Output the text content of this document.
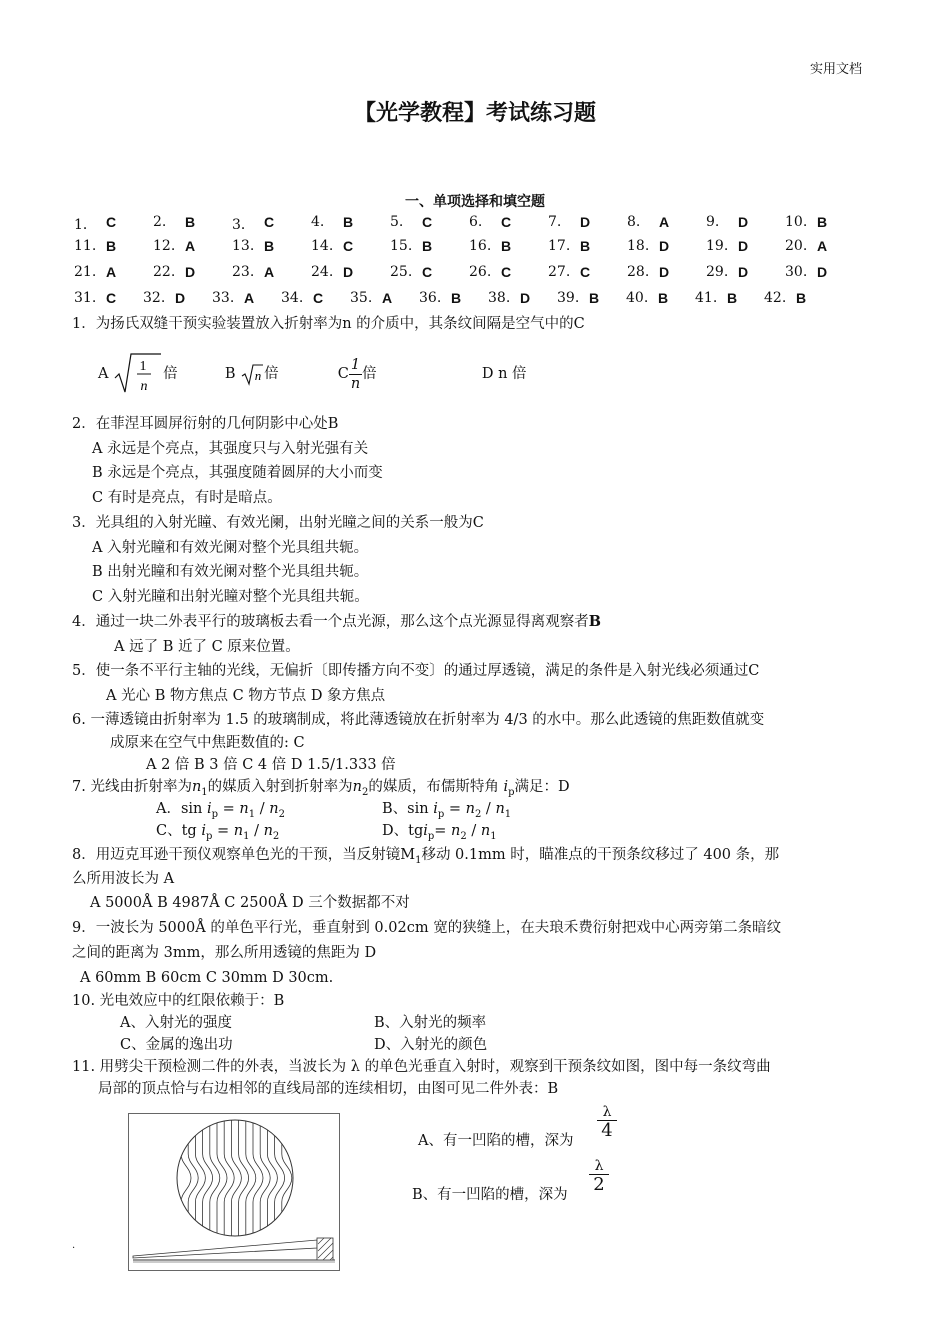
实用文档
【光学教程】考试练习题
一、单项选择和填空题
1． C	2. B	3． C	4. B	5. C	6. C	7. D	8. A	9. D	10. B
11. B	12. A	13. B	14. C	15. B	16. B	17. B	18. D	19. D	20. A
21. A	22. D	23. A	24. D	25. C	26. C	27. C	28. D	29. D	30. D
31. C 32. D 33. A 34. C 35. A 36. B 38. D 39. B 40. B 41. B 42. B
1．为扬氏双缝干预实验装置放入折射率为n 的介质中，其条纹间隔是空气中的C
A 1
n
倍	B n 倍	C $\frac{1}{n}$ 倍	D n 倍
2．在菲涅耳圆屏衍射的几何阴影中心处B
A 永远是个亮点，其强度只与入射光强有关
B 永远是个亮点，其强度随着圆屏的大小而变
C 有时是亮点，有时是暗点。
3．光具组的入射光瞳、有效光阑，出射光瞳之间的关系一般为C
A 入射光瞳和有效光阑对整个光具组共轭。
B 出射光瞳和有效光阑对整个光具组共轭。
C 入射光瞳和出射光瞳对整个光具组共轭。
4．通过一块二外表平行的玻璃板去看一个点光源，那么这个点光源显得离观察者B
A 远了 B 近了 C 原来位置。
5．使一条不平行主轴的光线，无偏折〔即传播方向不变〕的通过厚透镜，满足的条件是入射光线必须通过C
A 光心 B 物方焦点 C 物方节点 D 象方焦点
6. 一薄透镜由折射率为 1.5 的玻璃制成，将此薄透镜放在折射率为 4/3 的水中。那么此透镜的焦距数值就变
成原来在空气中焦距数值的: C
A 2 倍 B 3 倍 C 4 倍 D 1.5/1.333 倍
7. 光线由折射率为$n_1$的媒质入射到折射率为$n_2$的媒质，布儒斯特角 $i_p$满足：D
A．$\sin i_p = n_1 / n_2$	B、$\sin i_p = n_2 / n_1$
C、tg $i_p = n_1 / n_2$	D、$tgi_p= n_2 / n_1$
8．用迈克耳逊干预仪观察单色光的干预，当反射镜$M_1$移动 0.1mm 时，瞄准点的干预条纹移过了 400 条，那
么所用波长为 A
A 5000Å B 4987Å C 2500Å D 三个数据都不对
9．一波长为 5000Å 的单色平行光，垂直射到 0.02cm 宽的狭缝上，在夫琅禾费衍射把戏中心两旁第二条暗纹
之间的距离为 3mm，那么所用透镜的焦距为 D
A 60mm B 60cm C 30mm D 30cm.
10. 光电效应中的红限依赖于：B
A、入射光的强度	B、入射光的频率
C、金属的逸出功	D、入射光的颜色
11. 用劈尖干预检测二件的外表，当波长为 λ 的单色光垂直入射时，观察到干预条纹如图，图中每一条纹弯曲
局部的顶点恰与右边相邻的直线局部的连续相切，由图可见二件外表：B
A、有一凹陷的槽，深为
λ
4
B、有一凹陷的槽，深为
λ
2
.
